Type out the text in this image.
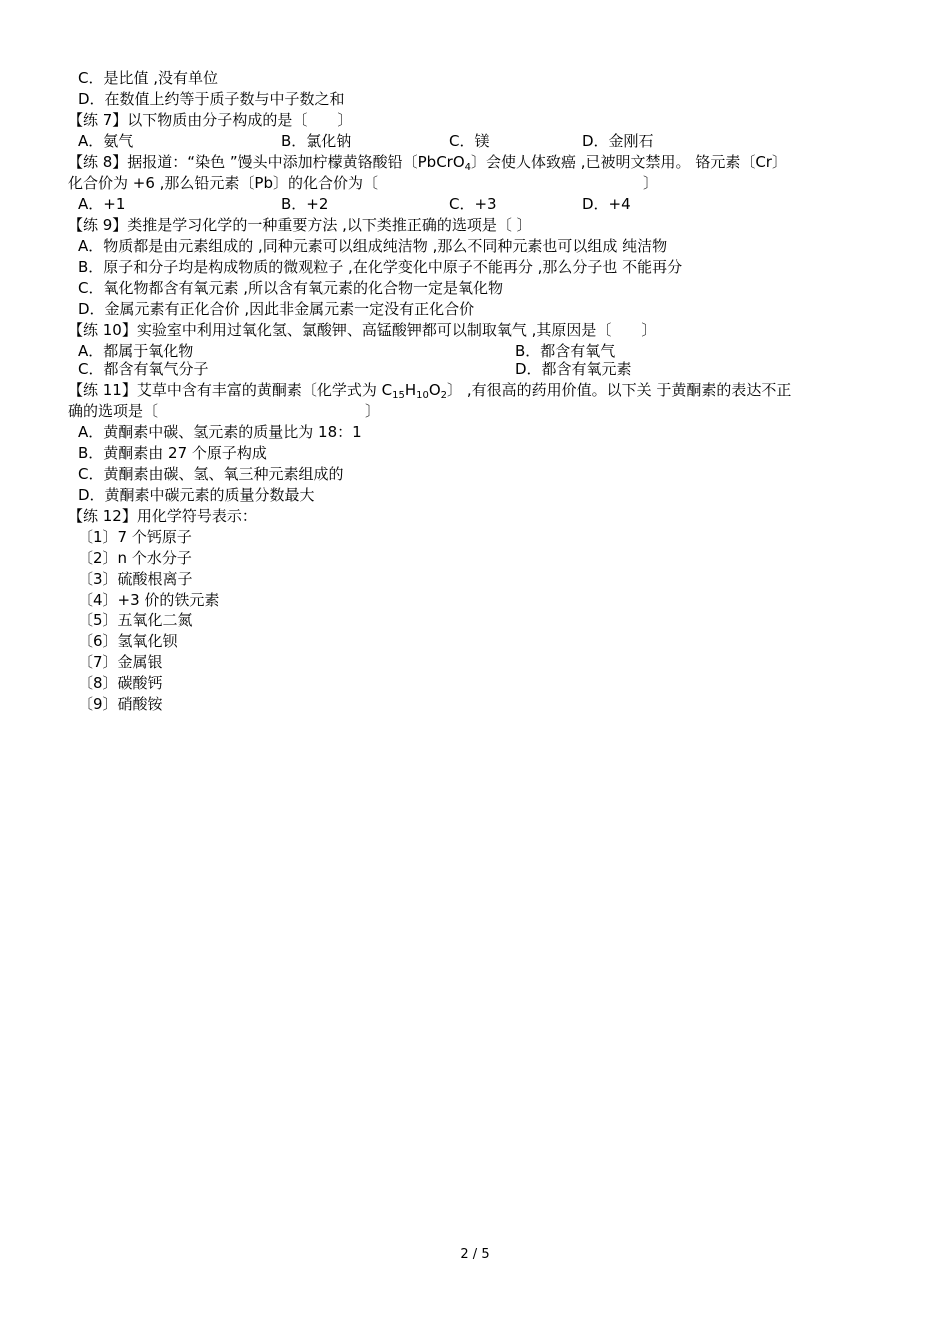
C．是比值 ,没有单位
D．在数值上约等于质子数与中子数之和
【练 7】以下物质由分子构成的是〔　　〕
A．氨气	B．氯化钠	C．镁	D．金刚石
【练 8】据报道：“染色 ”馒头中添加柠檬黄铬酸铅〔PbCrO$_4$〕会使人体致癌 ,已被明文禁用。 铬元素〔Cr〕
化合价为 +6 ,那么铅元素〔Pb〕的化合价为〔	〕
A．+1	B．+2	C．+3	D．+4
【练 9】类推是学习化学的一种重要方法 ,以下类推正确的选项是〔 〕
A．物质都是由元素组成的 ,同种元素可以组成纯洁物 ,那么不同种元素也可以组成 纯洁物
B．原子和分子均是构成物质的微观粒子 ,在化学变化中原子不能再分 ,那么分子也 不能再分
C．氧化物都含有氧元素 ,所以含有氧元素的化合物一定是氧化物
D．金属元素有正化合价 ,因此非金属元素一定没有正化合价
【练 10】实验室中利用过氧化氢、氯酸钾、高锰酸钾都可以制取氧气 ,其原因是〔　　〕
A．都属于氧化物	B．都含有氧气
C．都含有氧气分子	D．都含有氧元素
【练 11】艾草中含有丰富的黄酮素〔化学式为 $C_{15}H_{10}O_2$〕 ,有很高的药用价值。以下关 于黄酮素的表达不正
确的选项是〔	〕
A．黄酮素中碳、氢元素的质量比为 18：1
B．黄酮素由 27 个原子构成
C．黄酮素由碳、氢、氧三种元素组成的
D．黄酮素中碳元素的质量分数最大
【练 12】用化学符号表示：
〔1〕7 个钙原子
〔2〕n 个水分子
〔3〕硫酸根离子
〔4〕+3 价的铁元素
〔5〕五氧化二氮
〔6〕氢氧化钡
〔7〕金属银
〔8〕碳酸钙
〔9〕硝酸铵
2 / 5
